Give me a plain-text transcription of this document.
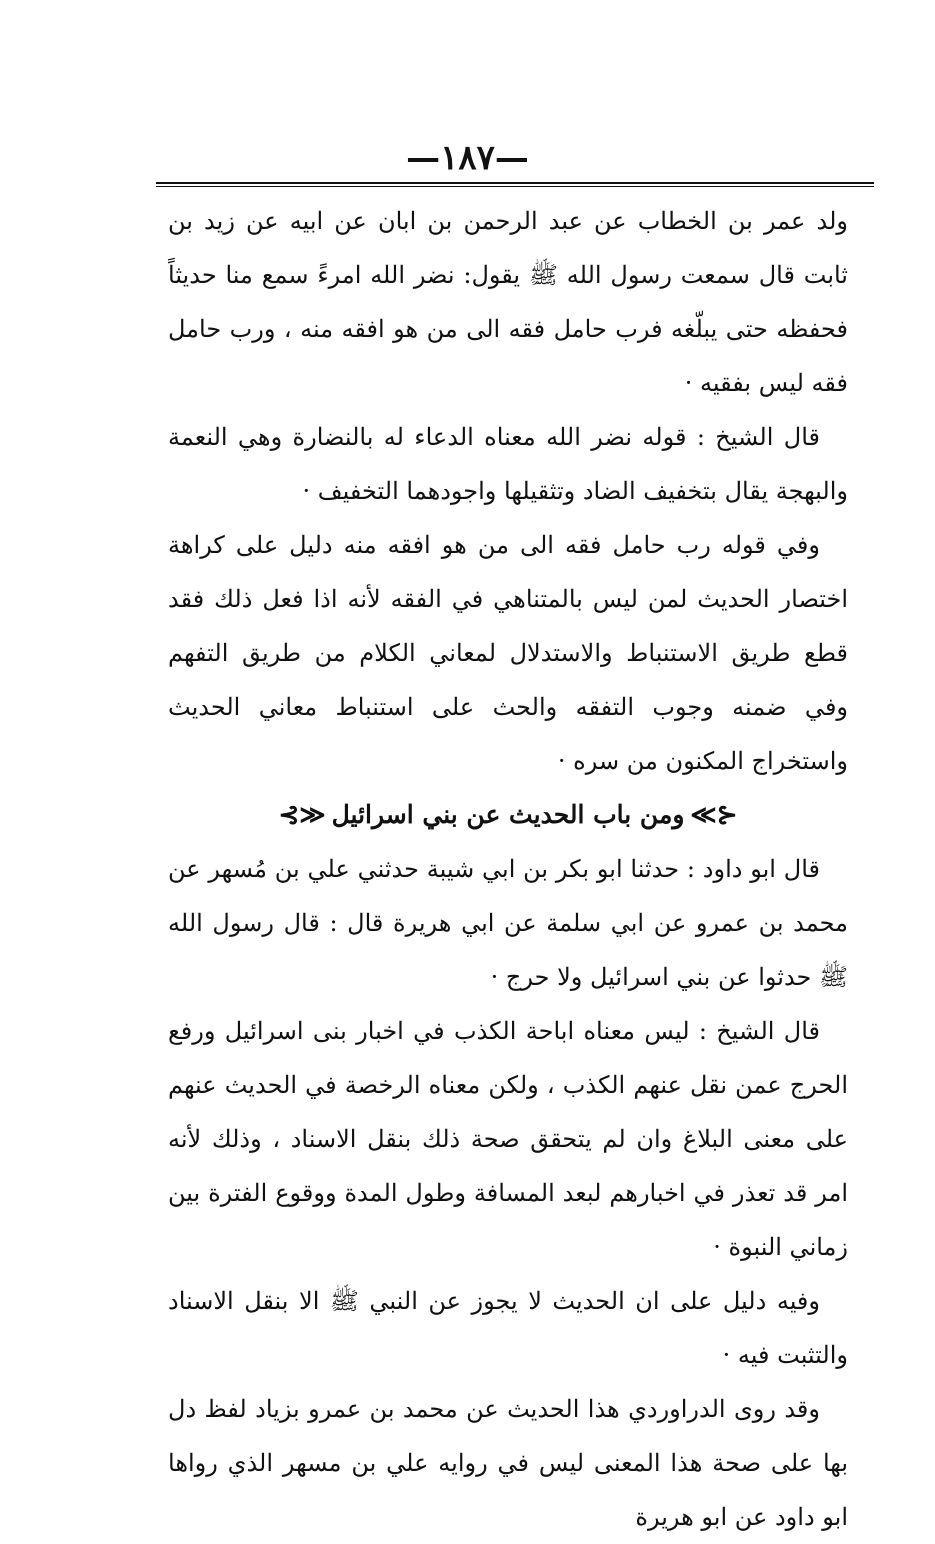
—١٨٧—

ولد عمر بن الخطاب عن عبد الرحمن بن ابان عن ابيه عن زيد بن ثابت قال سمعت رسول الله ﷺ يقول: نضر الله امرءً سمع منا حديثاً فحفظه حتى يبلّغه فرب حامل فقه الى من هو افقه منه ، ورب حامل فقه ليس بفقيه ·

قال الشيخ : قوله نضر الله معناه الدعاء له بالنضارة وهي النعمة والبهجة يقال بتخفيف الضاد وتثقيلها واجودهما التخفيف ·

وفي قوله رب حامل فقه الى من هو افقه منه دليل على كراهة اختصار الحديث لمن ليس بالمتناهي في الفقه لأنه اذا فعل ذلك فقد قطع طريق الاستنباط والاستدلال لمعاني الكلام من طريق التفهم وفي ضمنه وجوب التفقه والحث على استنباط معاني الحديث واستخراج المكنون من سره ·

⊰≫ومن باب الحديث عن بني اسرائيل≪⊱

قال ابو داود : حدثنا ابو بكر بن ابي شيبة حدثني علي بن مُسهر عن محمد بن عمرو عن ابي سلمة عن ابي هريرة قال : قال رسول الله ﷺ حدثوا عن بني اسرائيل ولا حرج ·

قال الشيخ : ليس معناه اباحة الكذب في اخبار بنى اسرائيل ورفع الحرج عمن نقل عنهم الكذب ، ولكن معناه الرخصة في الحديث عنهم على معنى البلاغ وان لم يتحقق صحة ذلك بنقل الاسناد ، وذلك لأنه امر قد تعذر في اخبارهم لبعد المسافة وطول المدة ووقوع الفترة بين زماني النبوة ·

وفيه دليل على ان الحديث لا يجوز عن النبي ﷺ الا بنقل الاسناد والتثبت فيه ·

وقد روى الدراوردي هذا الحديث عن محمد بن عمرو بزياد لفظ دل بها على صحة هذا المعنى ليس في روايه علي بن مسهر الذي رواها ابو داود عن ابو هريرة
